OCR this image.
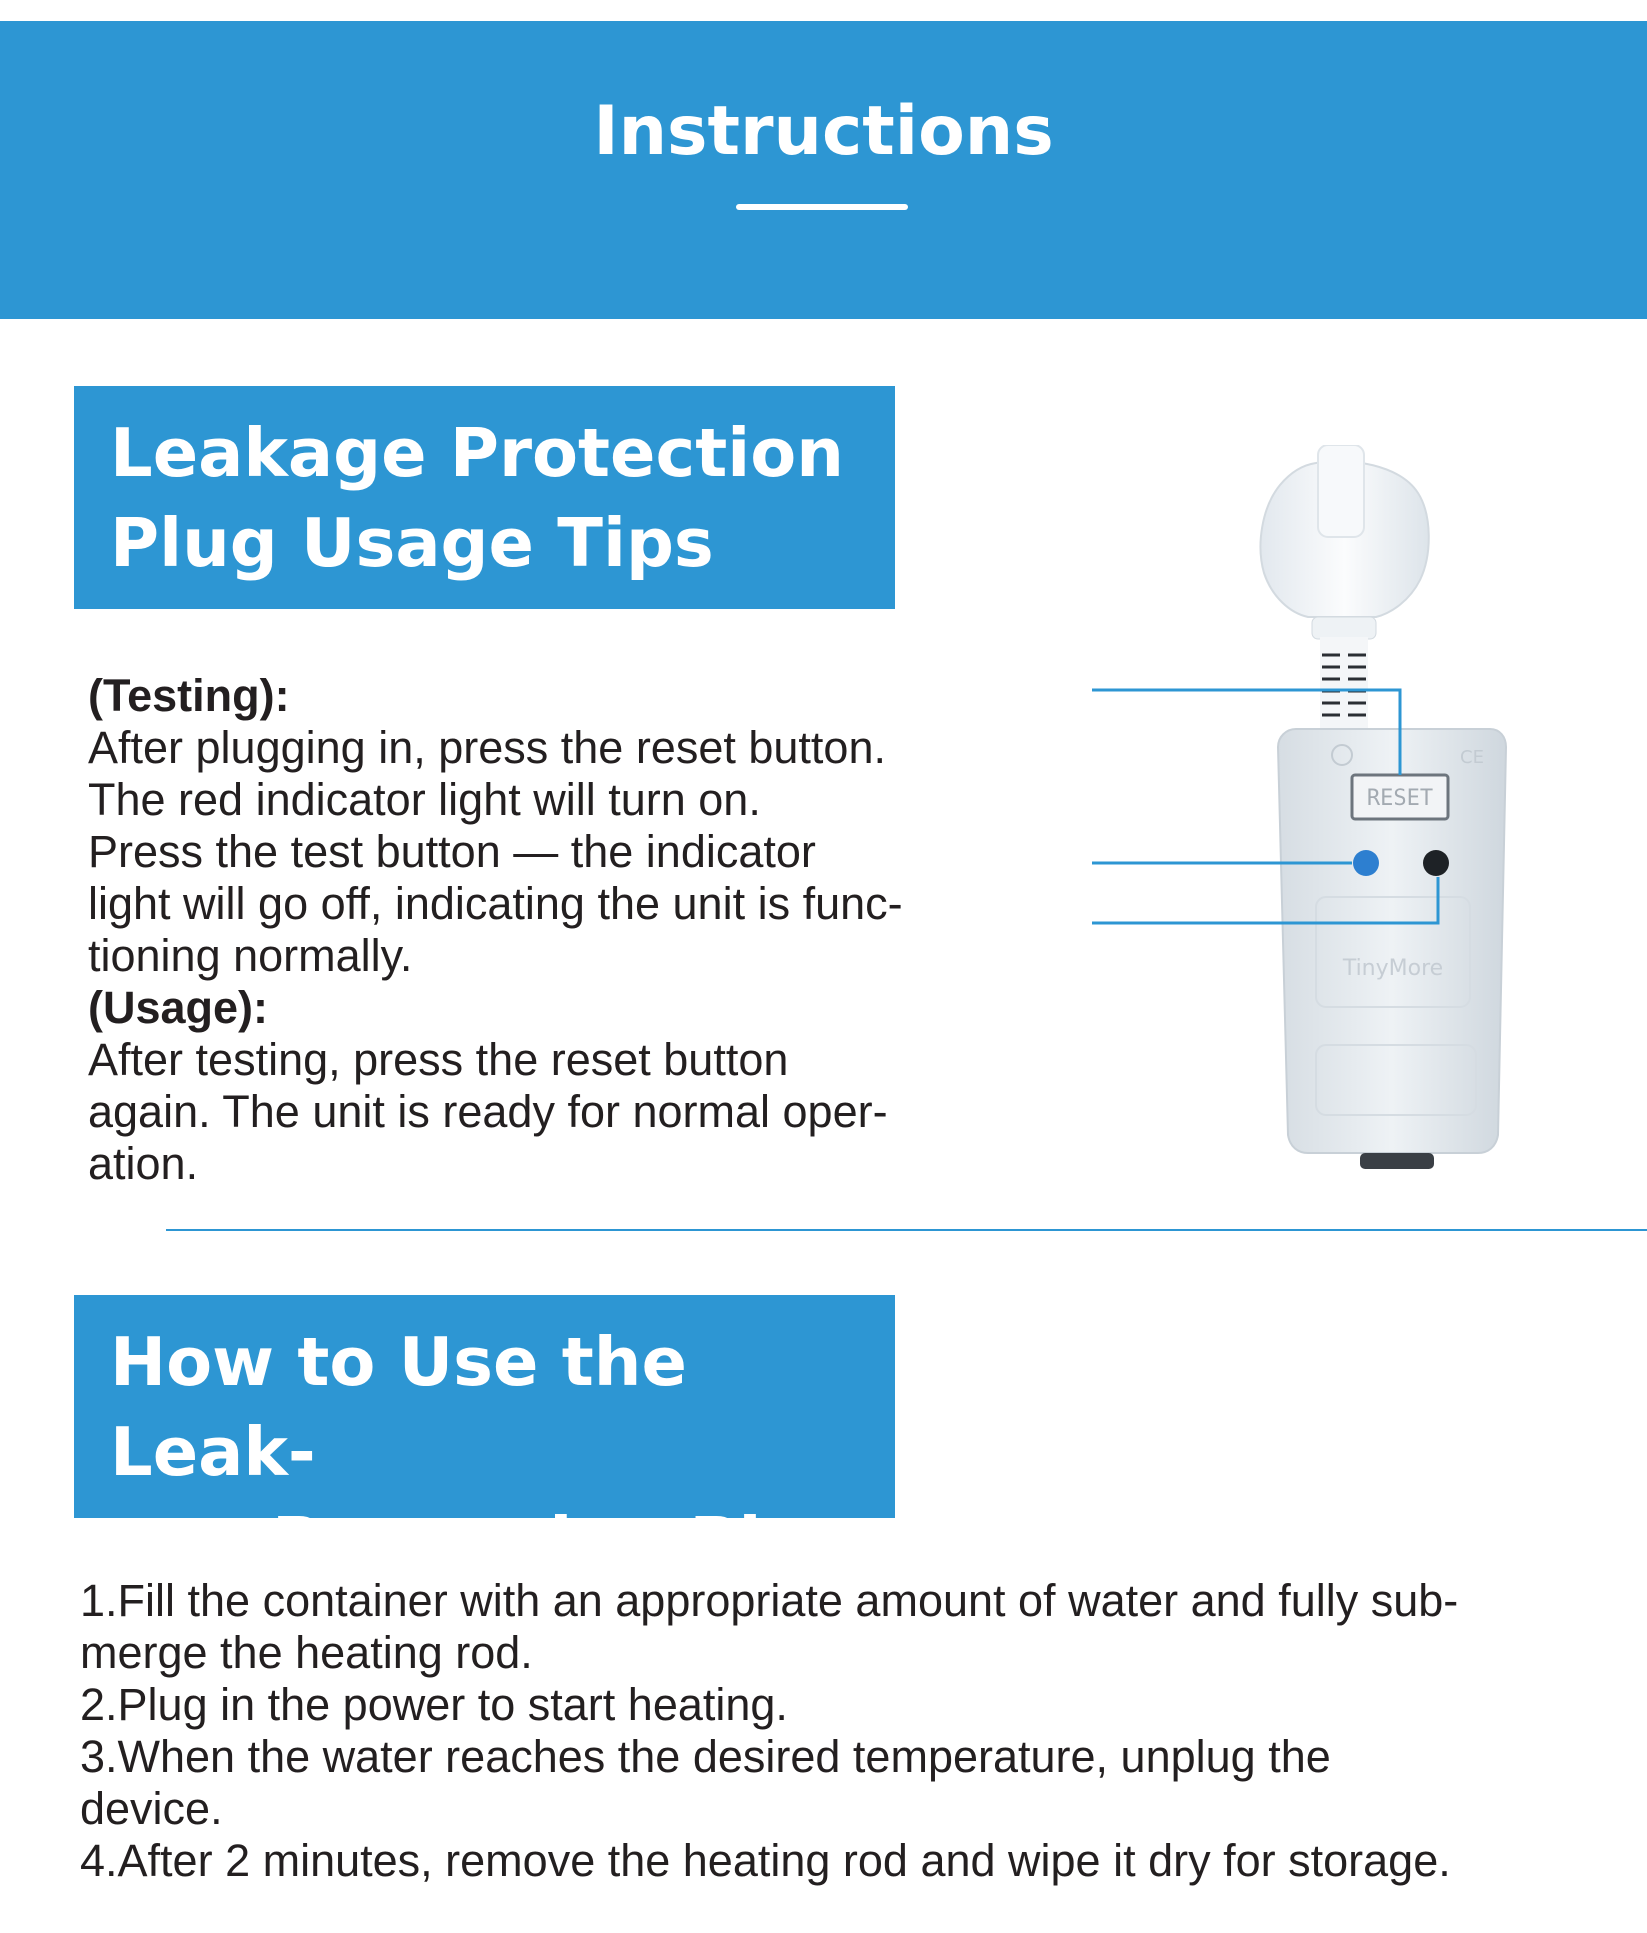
Instructions
Leakage Protection
Plug Usage Tips
(Testing):
After plugging in, press the reset button.
The red indicator light will turn on.
Press the test button — the indicator
light will go off, indicating the unit is func-
tioning normally.
(Usage):
After testing, press the reset button
again. The unit is ready for normal oper-
ation.
CE
RESET
TinyMore
How to Use the Leak-
age Protection Plug
1.Fill the container with an appropriate amount of water and fully sub-
merge the heating rod.
2.Plug in the power to start heating.
3.When the water reaches the desired temperature, unplug the
device.
4.After 2 minutes, remove the heating rod and wipe it dry for storage.
